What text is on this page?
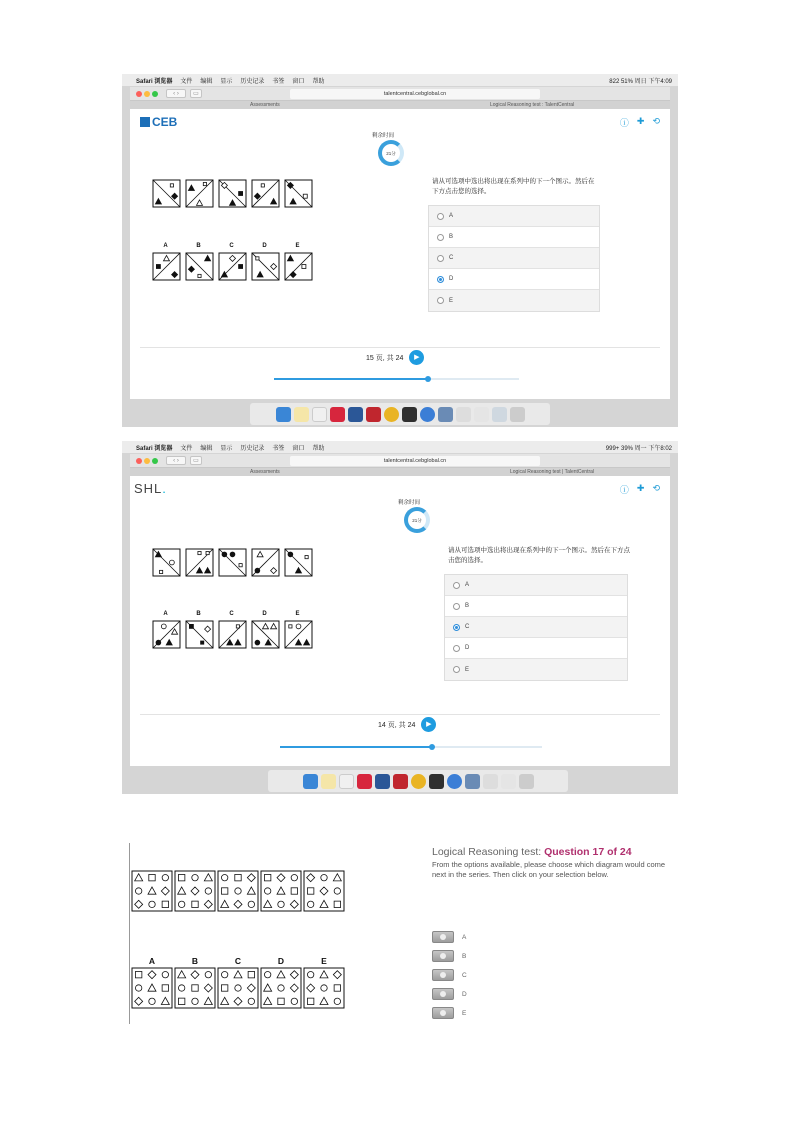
Safari 浏览器 文件 编辑 显示 历史记录 书签 窗口 帮助	822 51% 周日 下午4:09
‹ ›	▭	talentcentral.cebglobal.cn
Assessments	Logical Reasoning test : TalentCentral
CEB	ⓘ ✚ ⟲
剩余时间
21分
A	B	C	D	E
请从可选项中选出将出现在系列中的下一个图示。然后在下方点击您的选择。
A
B
C
D
E
15 页, 共 24	▶
Safari 浏览器 文件 编辑 显示 历史记录 书签 窗口 帮助	999+ 39% 周一 下午8:02
‹ ›	▭	talentcentral.cebglobal.cn
Assessments	Logical Reasoning test | TalentCentral
SHL.	ⓘ ✚ ⟲
剩余时间
21分
A	B	C	D	E
请从可选项中选出将出现在系列中的下一个图示。然后在下方点击您的选择。
A
B
C
D
E
14 页, 共 24	▶
A	B	C	D	E
Logical Reasoning test: Question 17 of 24
From the options available, please choose which diagram would come next in the series. Then click on your selection below.
A
B
C
D
E
